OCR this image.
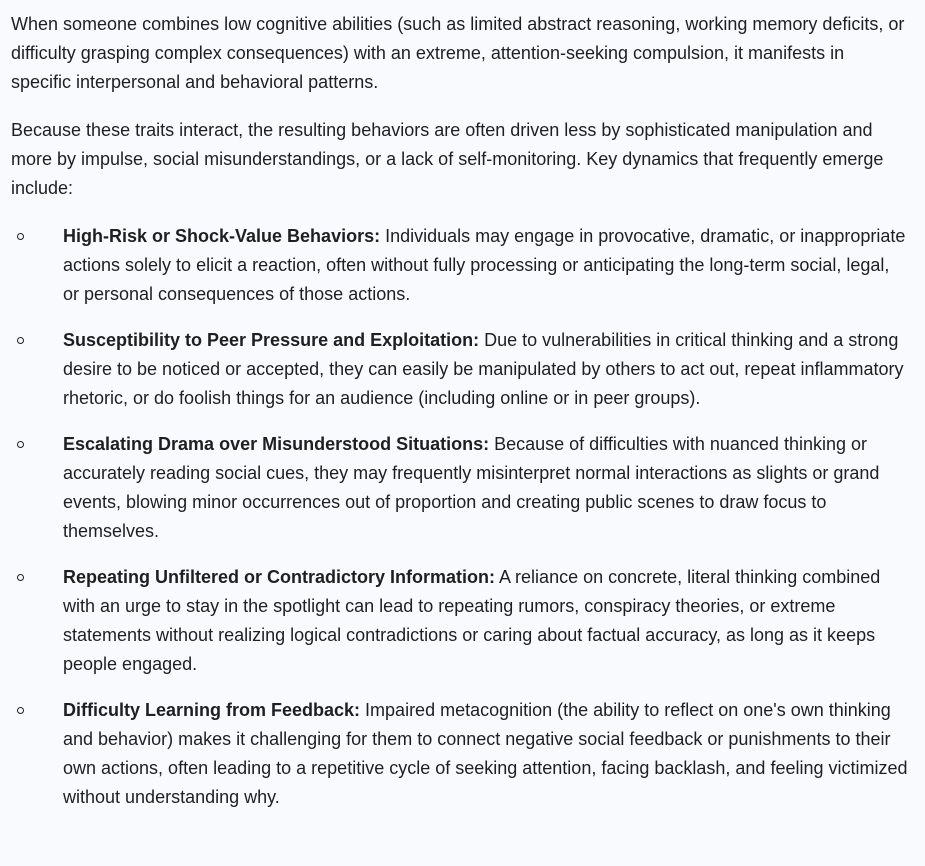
When someone combines low cognitive abilities (such as limited abstract reasoning, working memory deficits, or difficulty grasping complex consequences) with an extreme, attention-seeking compulsion, it manifests in specific interpersonal and behavioral patterns.

Because these traits interact, the resulting behaviors are often driven less by sophisticated manipulation and more by impulse, social misunderstandings, or a lack of self-monitoring. Key dynamics that frequently emerge include:

High-Risk or Shock-Value Behaviors: Individuals may engage in provocative, dramatic, or inappropriate actions solely to elicit a reaction, often without fully processing or anticipating the long-term social, legal, or personal consequences of those actions.
Susceptibility to Peer Pressure and Exploitation: Due to vulnerabilities in critical thinking and a strong desire to be noticed or accepted, they can easily be manipulated by others to act out, repeat inflammatory rhetoric, or do foolish things for an audience (including online or in peer groups).
Escalating Drama over Misunderstood Situations: Because of difficulties with nuanced thinking or accurately reading social cues, they may frequently misinterpret normal interactions as slights or grand events, blowing minor occurrences out of proportion and creating public scenes to draw focus to themselves.
Repeating Unfiltered or Contradictory Information: A reliance on concrete, literal thinking combined with an urge to stay in the spotlight can lead to repeating rumors, conspiracy theories, or extreme statements without realizing logical contradictions or caring about factual accuracy, as long as it keeps people engaged.
Difficulty Learning from Feedback: Impaired metacognition (the ability to reflect on one's own thinking and behavior) makes it challenging for them to connect negative social feedback or punishments to their own actions, often leading to a repetitive cycle of seeking attention, facing backlash, and feeling victimized without understanding why.
